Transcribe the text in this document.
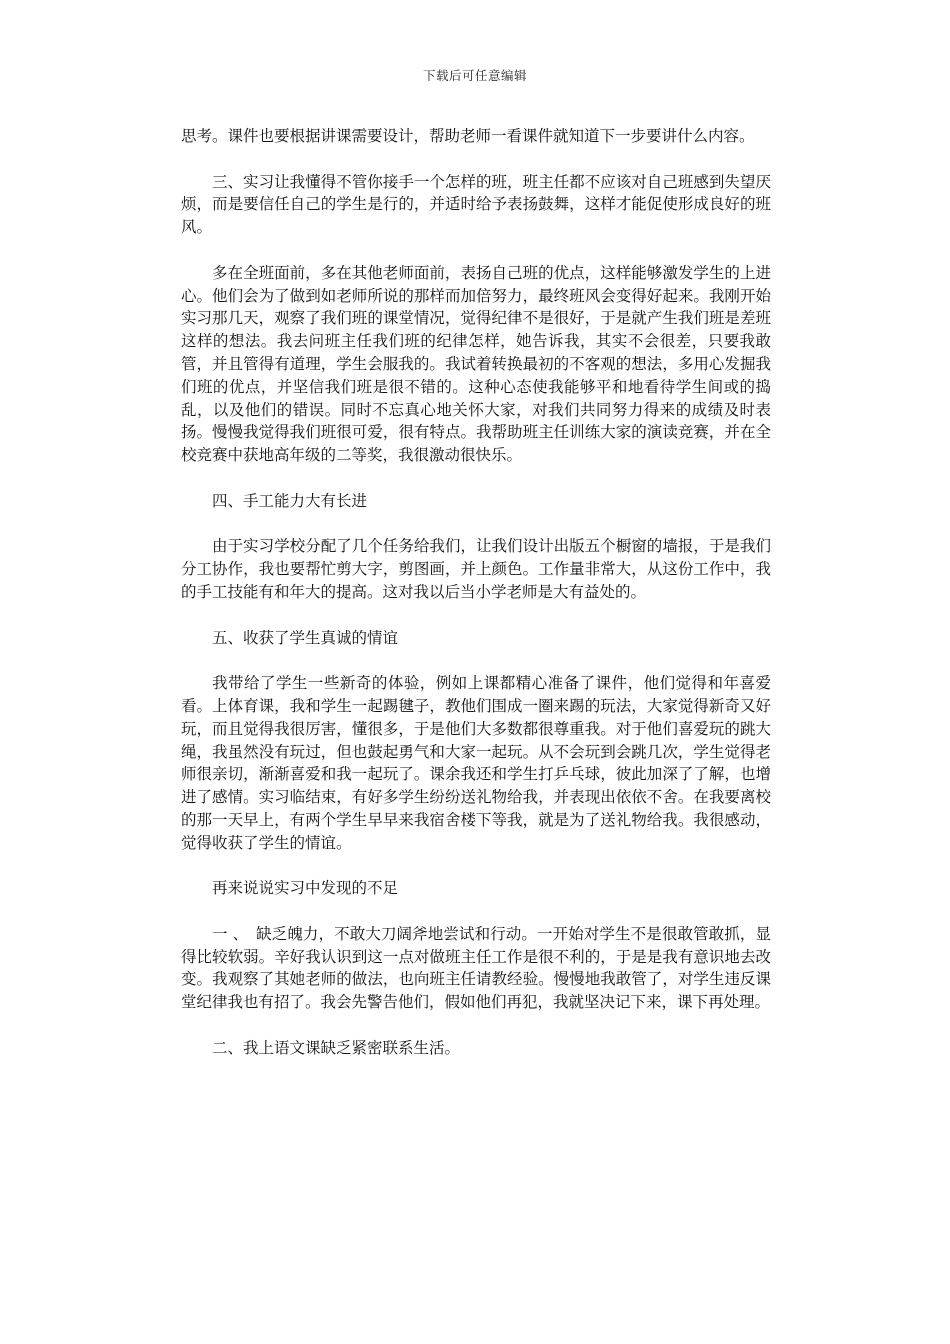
下载后可任意编辑

思考。课件也要根据讲课需要设计，帮助老师一看课件就知道下一步要讲什么内容。

三、实习让我懂得不管你接手一个怎样的班，班主任都不应该对自己班感到失望厌烦，而是要信任自己的学生是行的，并适时给予表扬鼓舞，这样才能促使形成良好的班风。

多在全班面前，多在其他老师面前，表扬自己班的优点，这样能够激发学生的上进心。他们会为了做到如老师所说的那样而加倍努力，最终班风会变得好起来。我刚开始实习那几天，观察了我们班的课堂情况，觉得纪律不是很好，于是就产生我们班是差班这样的想法。我去问班主任我们班的纪律怎样，她告诉我，其实不会很差，只要我敢管，并且管得有道理，学生会服我的。我试着转换最初的不客观的想法，多用心发掘我们班的优点，并坚信我们班是很不错的。这种心态使我能够平和地看待学生间或的捣乱，以及他们的错误。同时不忘真心地关怀大家，对我们共同努力得来的成绩及时表扬。慢慢我觉得我们班很可爱，很有特点。我帮助班主任训练大家的演读竞赛，并在全校竞赛中获地高年级的二等奖，我很激动很快乐。

四、手工能力大有长进

由于实习学校分配了几个任务给我们，让我们设计出版五个橱窗的墙报，于是我们分工协作，我也要帮忙剪大字，剪图画，并上颜色。工作量非常大，从这份工作中，我的手工技能有和年大的提高。这对我以后当小学老师是大有益处的。

五、收获了学生真诚的情谊

我带给了学生一些新奇的体验，例如上课都精心准备了课件，他们觉得和年喜爱看。上体育课，我和学生一起踢毽子，教他们围成一圈来踢的玩法，大家觉得新奇又好玩，而且觉得我很厉害，懂很多，于是他们大多数都很尊重我。对于他们喜爱玩的跳大绳，我虽然没有玩过，但也鼓起勇气和大家一起玩。从不会玩到会跳几次，学生觉得老师很亲切，渐渐喜爱和我一起玩了。课余我还和学生打乒乓球，彼此加深了了解，也增进了感情。实习临结束，有好多学生纷纷送礼物给我，并表现出依依不舍。在我要离校的那一天早上，有两个学生早早来我宿舍楼下等我，就是为了送礼物给我。我很感动，觉得收获了学生的情谊。

再来说说实习中发现的不足

一 、　缺乏魄力，不敢大刀阔斧地尝试和行动。一开始对学生不是很敢管敢抓，显得比较软弱。辛好我认识到这一点对做班主任工作是很不利的，于是是我有意识地去改变。我观察了其她老师的做法，也向班主任请教经验。慢慢地我敢管了，对学生违反课堂纪律我也有招了。我会先警告他们，假如他们再犯，我就坚决记下来，课下再处理。

二、我上语文课缺乏紧密联系生活。
